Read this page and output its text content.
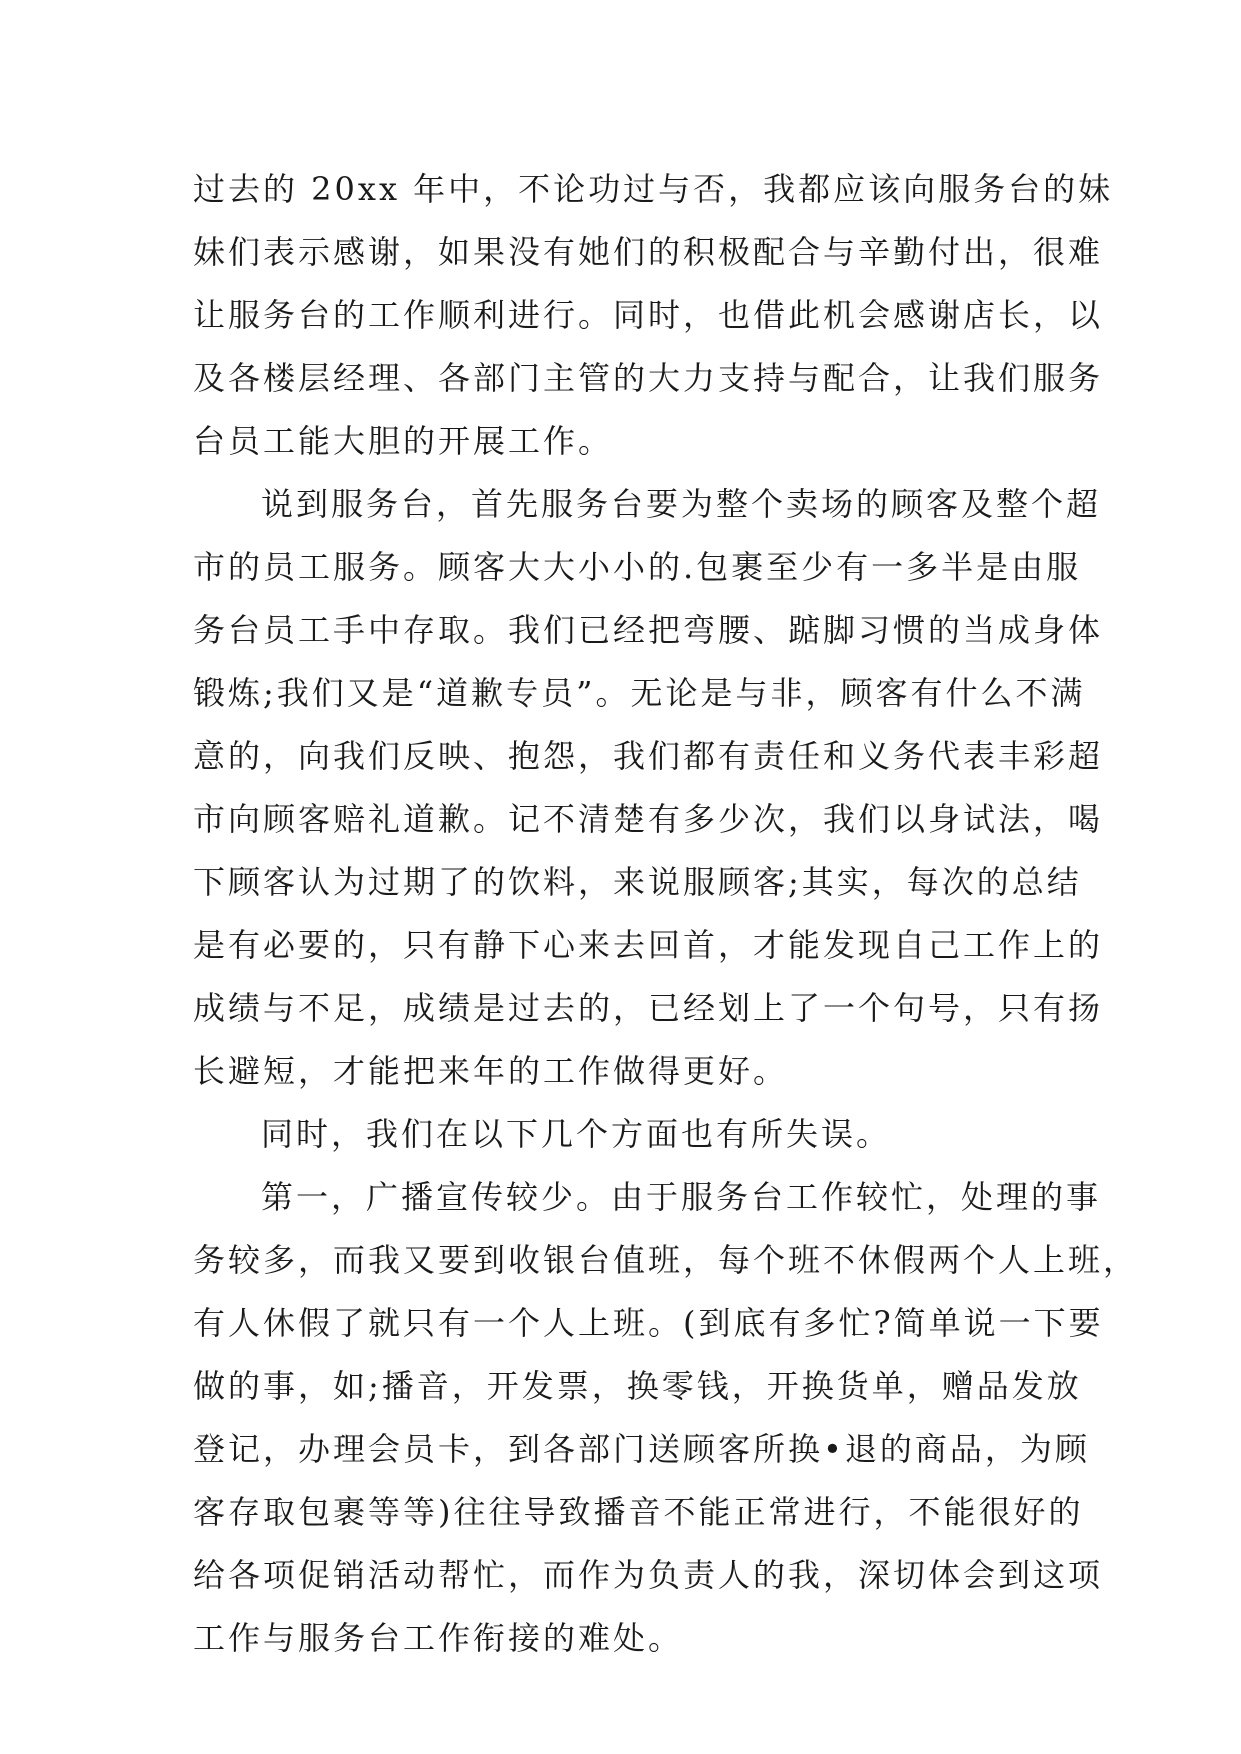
过去的 20xx 年中，不论功过与否，我都应该向服务台的妹
妹们表示感谢，如果没有她们的积极配合与辛勤付出，很难
让服务台的工作顺利进行。同时，也借此机会感谢店长，以
及各楼层经理、各部门主管的大力支持与配合，让我们服务
台员工能大胆的开展工作。
说到服务台，首先服务台要为整个卖场的顾客及整个超
市的员工服务。顾客大大小小的.包裹至少有一多半是由服
务台员工手中存取。我们已经把弯腰、踮脚习惯的当成身体
锻炼;我们又是“道歉专员”。无论是与非，顾客有什么不满
意的，向我们反映、抱怨，我们都有责任和义务代表丰彩超
市向顾客赔礼道歉。记不清楚有多少次，我们以身试法，喝
下顾客认为过期了的饮料，来说服顾客;其实，每次的总结
是有必要的，只有静下心来去回首，才能发现自己工作上的
成绩与不足，成绩是过去的，已经划上了一个句号，只有扬
长避短，才能把来年的工作做得更好。
同时，我们在以下几个方面也有所失误。
第一，广播宣传较少。由于服务台工作较忙，处理的事
务较多，而我又要到收银台值班，每个班不休假两个人上班，
有人休假了就只有一个人上班。(到底有多忙?简单说一下要
做的事，如;播音，开发票，换零钱，开换货单，赠品发放
登记，办理会员卡，到各部门送顾客所换•退的商品，为顾
客存取包裹等等)往往导致播音不能正常进行，不能很好的
给各项促销活动帮忙，而作为负责人的我，深切体会到这项
工作与服务台工作衔接的难处。
